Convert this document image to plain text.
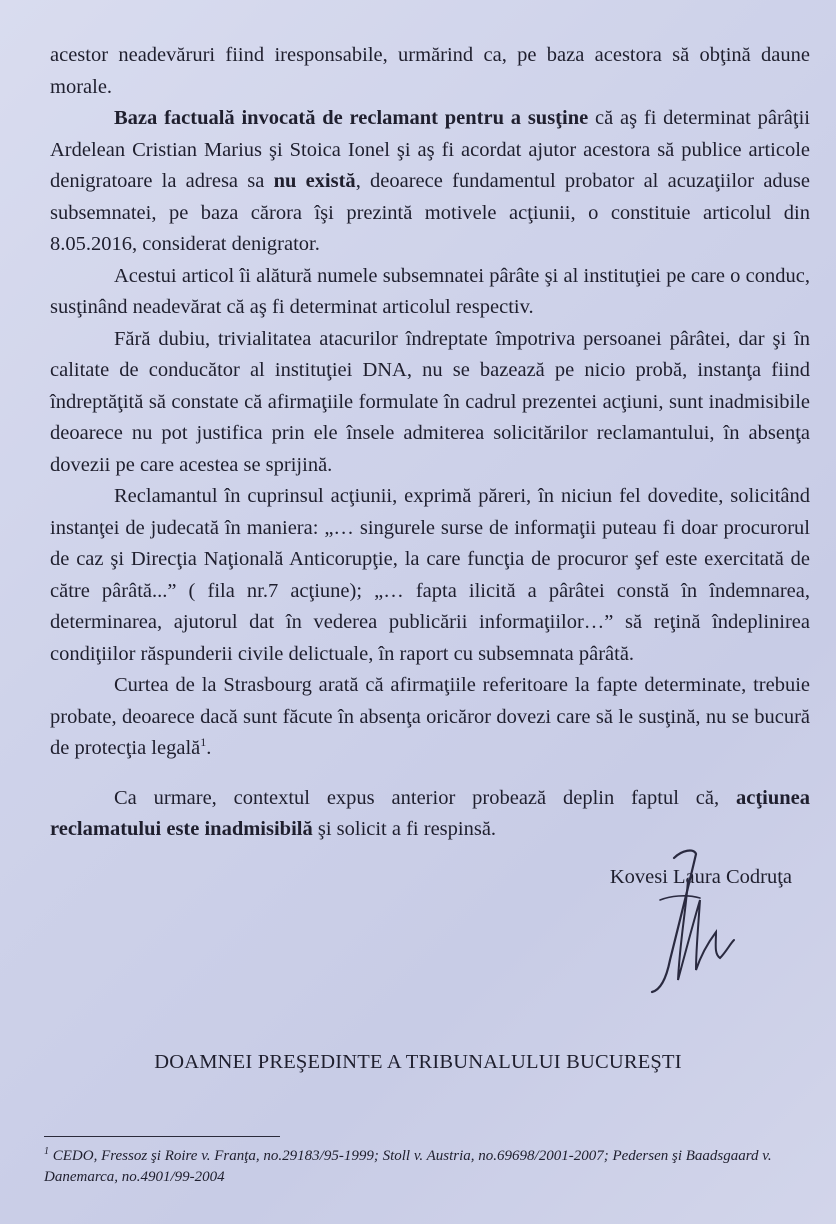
acestor neadevăruri fiind iresponsabile, urmărind ca, pe baza acestora să obţină daune morale.

Baza factuală invocată de reclamant pentru a susţine că aş fi determinat pârâţii Ardelean Cristian Marius şi Stoica Ionel şi aş fi acordat ajutor acestora să publice articole denigratoare la adresa sa nu există, deoarece fundamentul probator al acuzaţiilor aduse subsemnatei, pe baza cărora îşi prezintă motivele acţiunii, o constituie articolul din 8.05.2016, considerat denigrator.

Acestui articol îi alătură numele subsemnatei pârâte şi al instituţiei pe care o conduc, susţinând neadevărat că aş fi determinat articolul respectiv.

Fără dubiu, trivialitatea atacurilor îndreptate împotriva persoanei pârâtei, dar şi în calitate de conducător al instituţiei DNA, nu se bazează pe nicio probă, instanţa fiind îndreptăţită să constate că afirmaţiile formulate în cadrul prezentei acţiuni, sunt inadmisibile deoarece nu pot justifica prin ele însele admiterea solicitărilor reclamantului, în absenţa dovezii pe care acestea se sprijină.

Reclamantul în cuprinsul acţiunii, exprimă păreri, în niciun fel dovedite, solicitând instanţei de judecată în maniera: „… singurele surse de informaţii puteau fi doar procurorul de caz şi Direcţia Naţională Anticorupţie, la care funcţia de procuror şef este exercitată de către pârâtă...” ( fila nr.7 acţiune); „… fapta ilicită a pârâtei constă în îndemnarea, determinarea, ajutorul dat în vederea publicării informaţiilor…” să reţină îndeplinirea condiţiilor răspunderii civile delictuale, în raport cu subsemnata pârâtă.

Curtea de la Strasbourg arată că afirmaţiile referitoare la fapte determinate, trebuie probate, deoarece dacă sunt făcute în absenţa oricăror dovezi care să le susţină, nu se bucură de protecţia legală$^1$.

Ca urmare, contextul expus anterior probează deplin faptul că, acţiunea reclamatului este inadmisibilă şi solicit a fi respinsă.

Kovesi Laura Codruţa
DOAMNEI PREŞEDINTE A TRIBUNALULUI BUCUREŞTI
$^1$ CEDO, Fressoz şi Roire v. Franţa, no.29183/95-1999; Stoll v. Austria, no.69698/2001-2007; Pedersen şi Baadsgaard v. Danemarca, no.4901/99-2004
